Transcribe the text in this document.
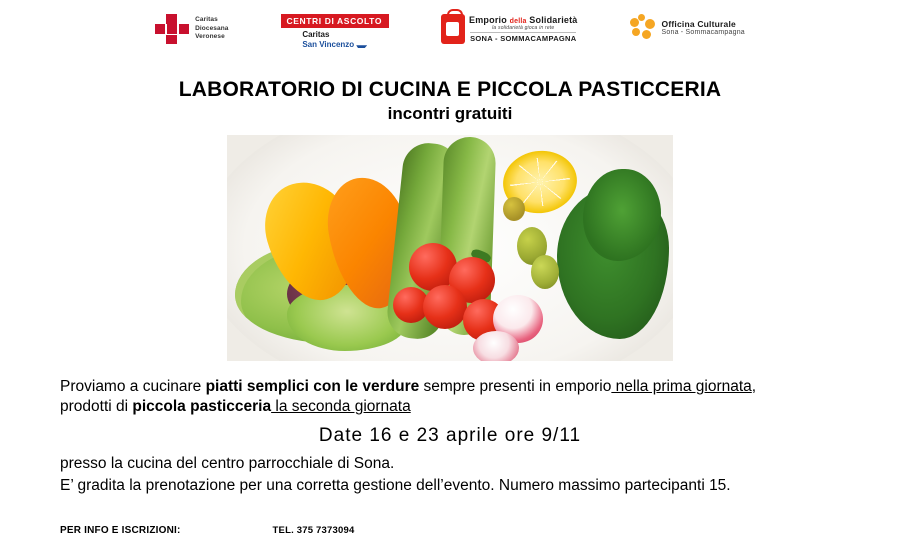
Caritas
Diocesana
Veronese
CENTRI DI ASCOLTO
Caritas
San Vincenzo
Emporio della Solidarietà
la solidarietà gioca in rete
SONA - SOMMACAMPAGNA
Officina Culturale
Sona - Sommacampagna
LABORATORIO DI CUCINA E PICCOLA PASTICCERIA
incontri gratuiti
Proviamo a cucinare piatti semplici con le verdure sempre presenti in emporio nella prima giornata,
prodotti di piccola pasticceria la seconda giornata
Date 16 e 23 aprile ore 9/11
presso la cucina del centro parrocchiale di Sona.
E’ gradita la prenotazione per una corretta gestione dell’evento. Numero massimo partecipanti 15.
PER INFO E ISCRIZIONI:	TEL. 375 7373094
